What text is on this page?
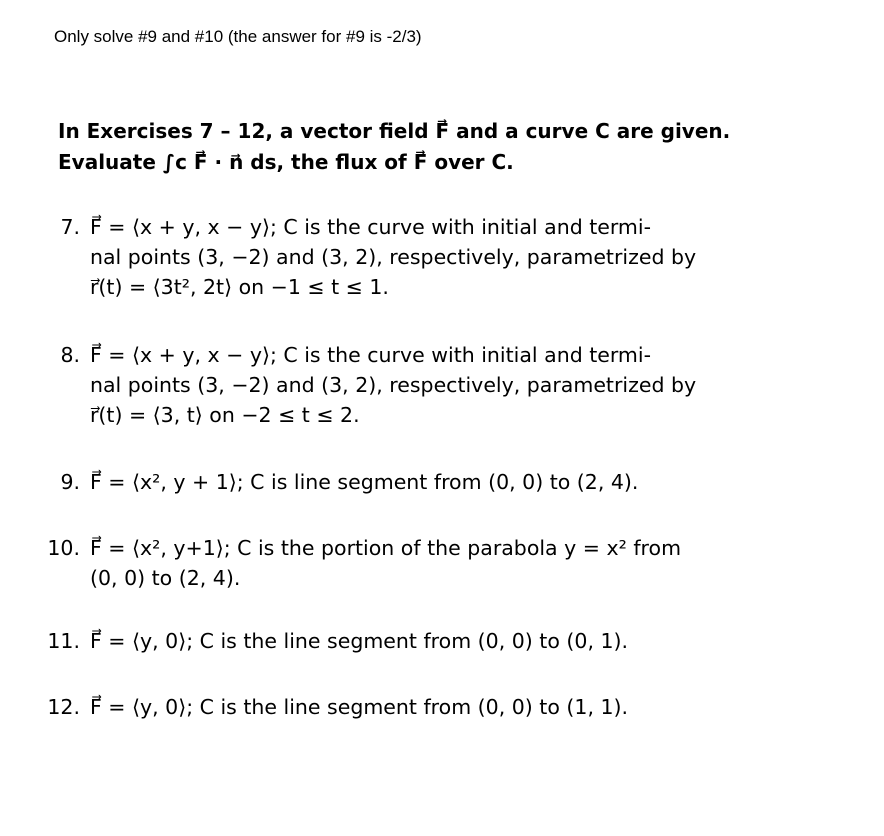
Only solve #9 and #10 (the answer for #9 is -2/3)
In Exercises 7 – 12, a vector field F⃗ and a curve C are given.
Evaluate ∫ᴄ F⃗ · n⃗ ds, the flux of F⃗ over C.
7. F⃗ = ⟨x + y, x − y⟩; C is the curve with initial and termi-
nal points (3, −2) and (3, 2), respectively, parametrized by
r⃗(t) = ⟨3t², 2t⟩ on −1 ≤ t ≤ 1.
8. F⃗ = ⟨x + y, x − y⟩; C is the curve with initial and termi-
nal points (3, −2) and (3, 2), respectively, parametrized by
r⃗(t) = ⟨3, t⟩ on −2 ≤ t ≤ 2.
9. F⃗ = ⟨x², y + 1⟩; C is line segment from (0, 0) to (2, 4).
10. F⃗ = ⟨x², y+1⟩; C is the portion of the parabola y = x² from
(0, 0) to (2, 4).
11. F⃗ = ⟨y, 0⟩; C is the line segment from (0, 0) to (0, 1).
12. F⃗ = ⟨y, 0⟩; C is the line segment from (0, 0) to (1, 1).
